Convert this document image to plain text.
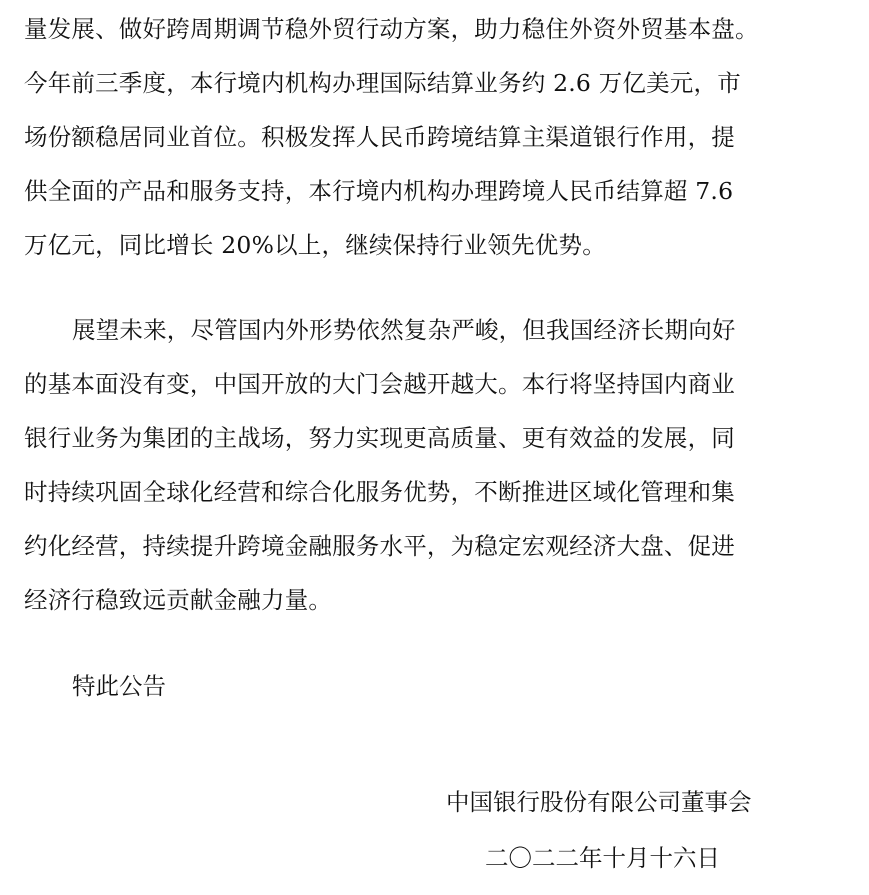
量发展、做好跨周期调节稳外贸行动方案，助力稳住外资外贸基本盘。
今年前三季度，本行境内机构办理国际结算业务约 2.6 万亿美元，市
场份额稳居同业首位。积极发挥人民币跨境结算主渠道银行作用，提
供全面的产品和服务支持，本行境内机构办理跨境人民币结算超 7.6
万亿元，同比增长 20%以上，继续保持行业领先优势。
展望未来，尽管国内外形势依然复杂严峻，但我国经济长期向好
的基本面没有变，中国开放的大门会越开越大。本行将坚持国内商业
银行业务为集团的主战场，努力实现更高质量、更有效益的发展，同
时持续巩固全球化经营和综合化服务优势，不断推进区域化管理和集
约化经营，持续提升跨境金融服务水平，为稳定宏观经济大盘、促进
经济行稳致远贡献金融力量。

特此公告

中国银行股份有限公司董事会

二〇二二年十月十六日
